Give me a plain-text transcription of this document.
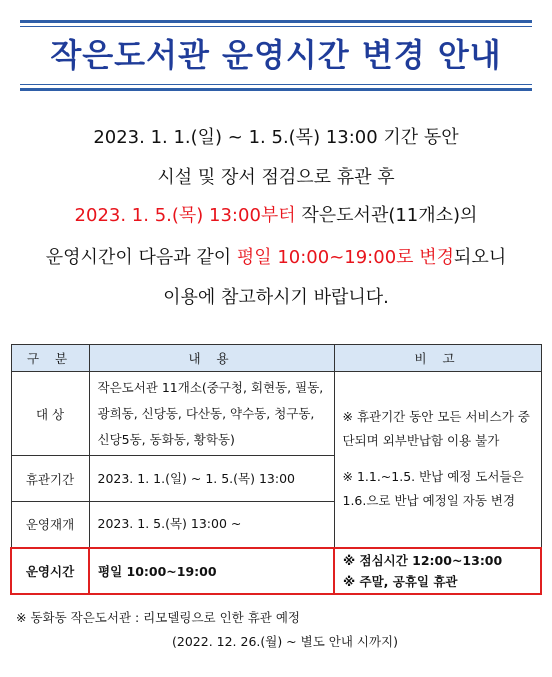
작은도서관 운영시간 변경 안내
2023. 1. 1.(일) ~ 1. 5.(목) 13:00 기간 동안
시설 및 장서 점검으로 휴관 후
2023. 1. 5.(목) 13:00부터 작은도서관(11개소)의
운영시간이 다음과 같이 평일 10:00~19:00로 변경되오니
이용에 참고하시기 바랍니다.
구 분	내 용	비 고
대 상	작은도서관 11개소(중구청, 회현동, 필동, 광희동, 신당동, 다산동, 약수동, 청구동, 신당5동, 동화동, 황학동)	※ 휴관기간 동안 모든 서비스가 중단되며 외부반납함 이용 불가
※ 1.1.~1.5. 반납 예정 도서들은 1.6.으로 반납 예정일 자동 변경

휴관기간	2023. 1. 1.(일) ~ 1. 5.(목) 13:00	
운영재개	2023. 1. 5.(목) 13:00 ~	
운영시간	평일 10:00~19:00	※ 점심시간 12:00~13:00
※ 주말, 공휴일 휴관
※ 동화동 작은도서관 : 리모델링으로 인한 휴관 예정
(2022. 12. 26.(월) ~ 별도 안내 시까지)
